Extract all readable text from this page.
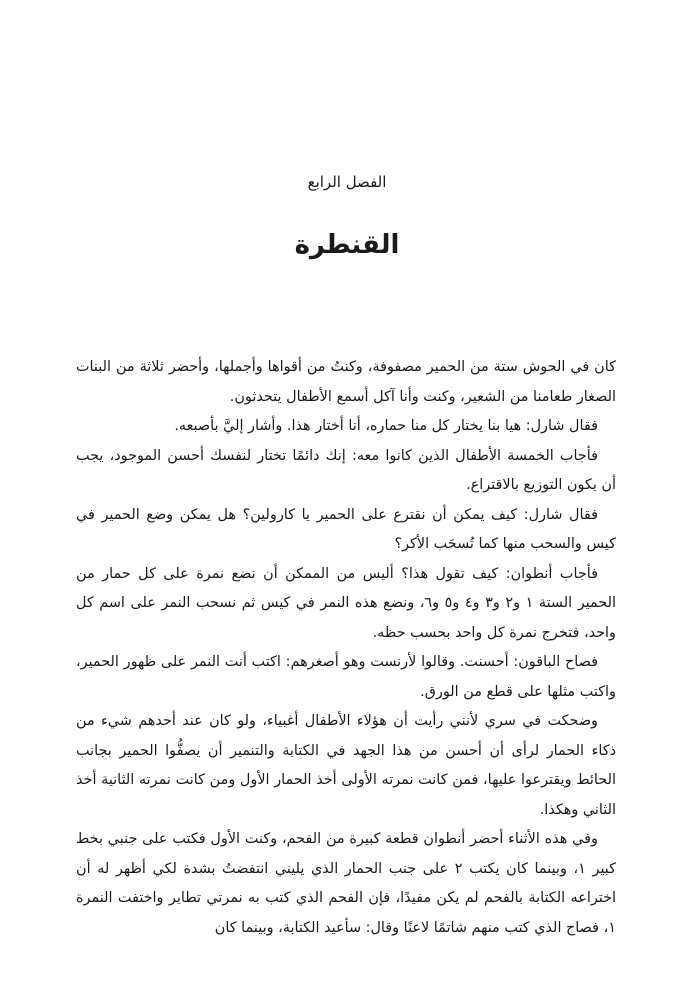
الفصل الرابع
القنطرة

كان في الحوش ستة من الحمير مصفوفة، وكنتُ من أقواها وأجملها، وأحضر ثلاثة من البنات الصغار طعامنا من الشعير، وكنت وأنا آكل أسمع الأطفال يتحدثون.

فقال شارل: هيا بنا يختار كل منا حماره، أنا أختار هذا. وأشار إليَّ بأصبعه.

فأجاب الخمسة الأطفال الذين كانوا معه: إنك دائمًا تختار لنفسك أحسن الموجود، يجب أن يكون التوزيع بالاقتراع.

فقال شارل: كيف يمكن أن نقترع على الحمير يا كارولين؟ هل يمكن وضع الحمير في كيس والسحب منها كما تُسحَب الأكر؟

فأجاب أنطوان: كيف تقول هذا؟ أليس من الممكن أن نضع نمرة على كل حمار من الحمير الستة ١ و٢ و٣ و٤ و٥ و٦، ونضع هذه النمر في كيس ثم نسحب النمر على اسم كل واحد، فتخرج نمرة كل واحد بحسب حظه.

فصاح الباقون: أحسنت. وقالوا لأرنست وهو أصغرهم: اكتب أنت النمر على ظهور الحمير، واكتب مثلها على قطع من الورق.

وضحكت في سري لأنني رأيت أن هؤلاء الأطفال أغبياء، ولو كان عند أحدهم شيء من ذكاء الحمار لرأى أن أحسن من هذا الجهد في الكتابة والتنمير أن يصفُّوا الحمير بجانب الحائط ويقترعوا عليها، فمن كانت نمرته الأولى أخذ الحمار الأول ومن كانت نمرته الثانية أخذ الثاني وهكذا.

وفي هذه الأثناء أحضر أنطوان قطعة كبيرة من الفحم، وكنت الأول فكتب على جنبي بخط كبير ١، وبينما كان يكتب ٢ على جنب الحمار الذي يليني انتفضتُ بشدة لكي أظهر له أن اختراعه الكتابة بالفحم لم يكن مفيدًا، فإن الفحم الذي كتب به نمرتي تطاير واختفت النمرة ١، فصاح الذي كتب منهم شاتمًا لاعنًا وقال: سأعيد الكتابة، وبينما كان
